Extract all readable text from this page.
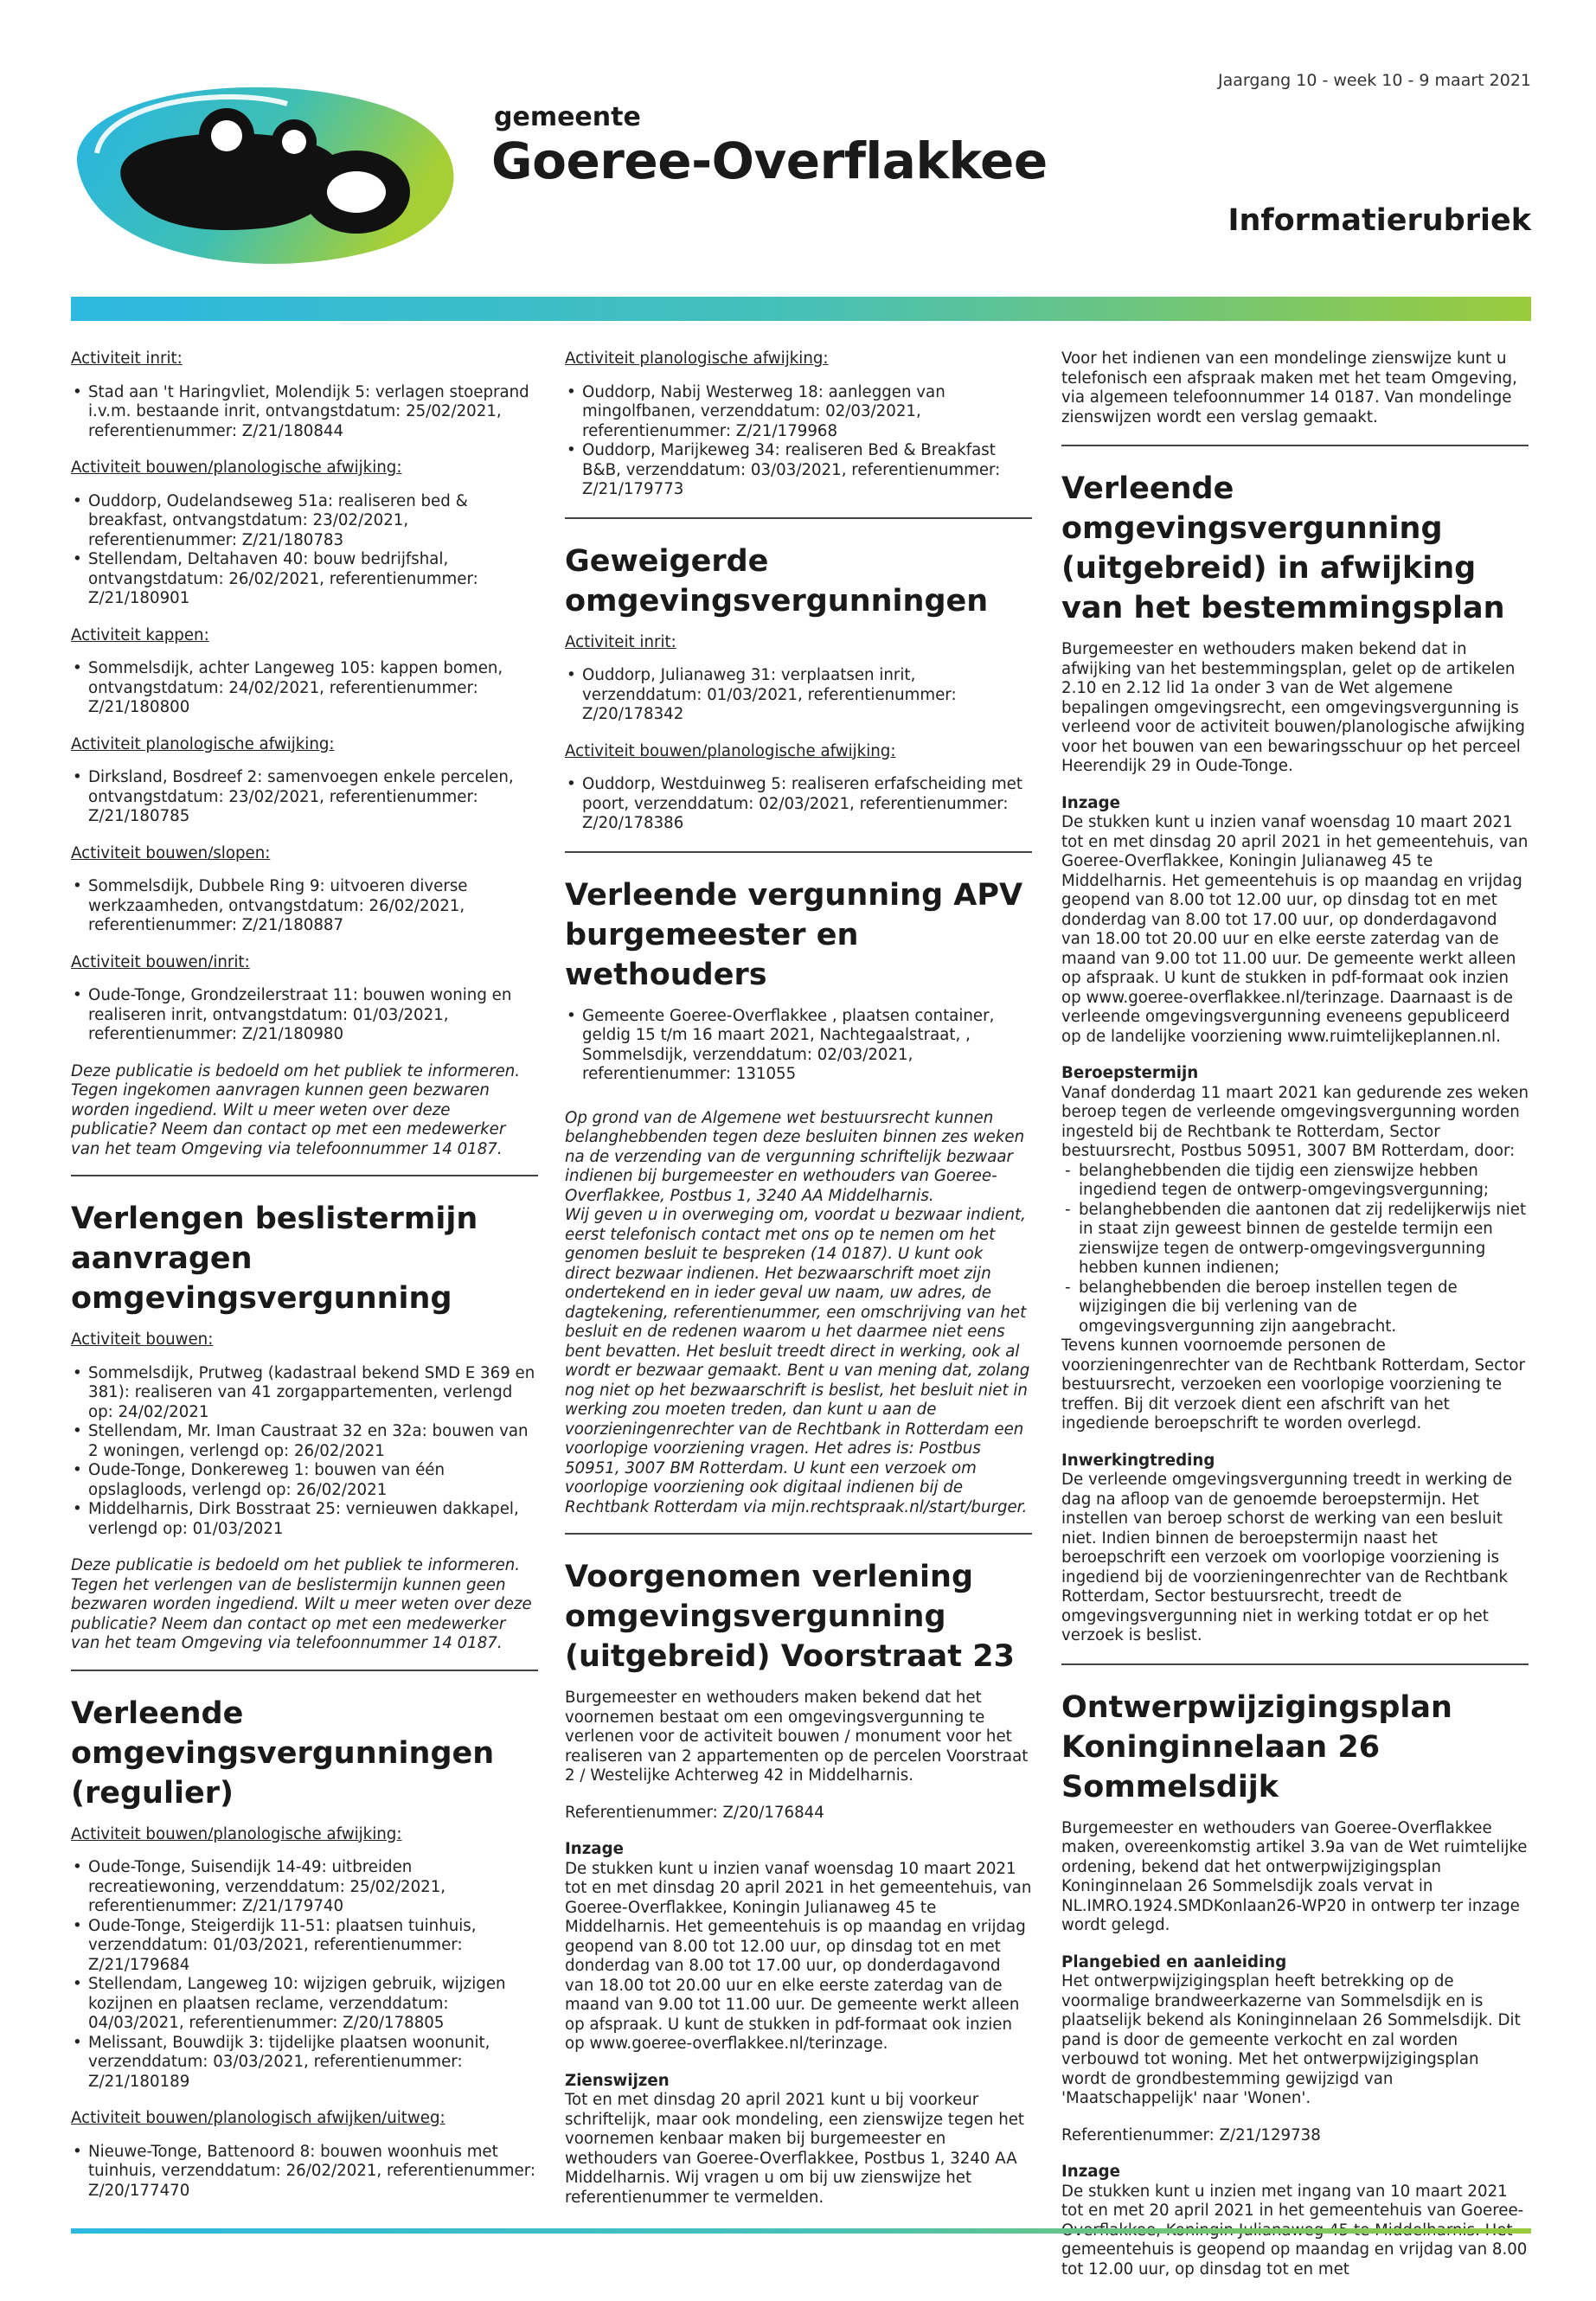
Jaargang 10 - week 10 - 9 maart 2021
gemeente
Goeree-Overflakkee
Informatierubriek
Activiteit inrit:
• Stad aan 't Haringvliet, Molendijk 5: verlagen stoeprand i.v.m. bestaande inrit, ontvangstdatum: 25/02/2021, referentienummer: Z/21/180844
Activiteit bouwen/planologische afwijking:
• Ouddorp, Oudelandseweg 51a: realiseren bed & breakfast, ontvangstdatum: 23/02/2021, referentienummer: Z/21/180783
• Stellendam, Deltahaven 40: bouw bedrijfshal, ontvangstdatum: 26/02/2021, referentienummer: Z/21/180901
Activiteit kappen:
• Sommelsdijk, achter Langeweg 105: kappen bomen, ontvangstdatum: 24/02/2021, referentienummer: Z/21/180800
Activiteit planologische afwijking:
• Dirksland, Bosdreef 2: samenvoegen enkele percelen, ontvangstdatum: 23/02/2021, referentienummer: Z/21/180785
Activiteit bouwen/slopen:
• Sommelsdijk, Dubbele Ring 9: uitvoeren diverse werkzaamheden, ontvangstdatum: 26/02/2021, referentienummer: Z/21/180887
Activiteit bouwen/inrit:
• Oude-Tonge, Grondzeilerstraat 11: bouwen woning en realiseren inrit, ontvangstdatum: 01/03/2021, referentienummer: Z/21/180980
Deze publicatie is bedoeld om het publiek te informeren. Tegen ingekomen aanvragen kunnen geen bezwaren worden ingediend. Wilt u meer weten over deze publicatie? Neem dan contact op met een medewerker van het team Omgeving via telefoonnummer 14 0187.
Verlengen beslistermijn aanvragen omgevingsvergunning
Activiteit bouwen:
• Sommelsdijk, Prutweg (kadastraal bekend SMD E 369 en 381): realiseren van 41 zorgappartementen, verlengd op: 24/02/2021
• Stellendam, Mr. Iman Caustraat 32 en 32a: bouwen van 2 woningen, verlengd op: 26/02/2021
• Oude-Tonge, Donkereweg 1: bouwen van één opslagloods, verlengd op: 26/02/2021
• Middelharnis, Dirk Bosstraat 25: vernieuwen dakkapel, verlengd op: 01/03/2021
Deze publicatie is bedoeld om het publiek te informeren. Tegen het verlengen van de beslistermijn kunnen geen bezwaren worden ingediend. Wilt u meer weten over deze publicatie? Neem dan contact op met een medewerker van het team Omgeving via telefoonnummer 14 0187.
Verleende omgevingsvergunningen (regulier)
Activiteit bouwen/planologische afwijking:
• Oude-Tonge, Suisendijk 14-49: uitbreiden recreatiewoning, verzenddatum: 25/02/2021, referentienummer: Z/21/179740
• Oude-Tonge, Steigerdijk 11-51: plaatsen tuinhuis, verzenddatum: 01/03/2021, referentienummer: Z/21/179684
• Stellendam, Langeweg 10: wijzigen gebruik, wijzigen kozijnen en plaatsen reclame, verzenddatum: 04/03/2021, referentienummer: Z/20/178805
• Melissant, Bouwdijk 3: tijdelijke plaatsen woonunit, verzenddatum: 03/03/2021, referentienummer: Z/21/180189
Activiteit bouwen/planologisch afwijken/uitweg:
• Nieuwe-Tonge, Battenoord 8: bouwen woonhuis met tuinhuis, verzenddatum: 26/02/2021, referentienummer: Z/20/177470
Activiteit planologische afwijking:
• Ouddorp, Nabij Westerweg 18: aanleggen van mingolfbanen, verzenddatum: 02/03/2021, referentienummer: Z/21/179968
• Ouddorp, Marijkeweg 34: realiseren Bed & Breakfast B&B, verzenddatum: 03/03/2021, referentienummer: Z/21/179773
Geweigerde omgevingsvergunningen
Activiteit inrit:
• Ouddorp, Julianaweg 31: verplaatsen inrit, verzenddatum: 01/03/2021, referentienummer: Z/20/178342
Activiteit bouwen/planologische afwijking:
• Ouddorp, Westduinweg 5: realiseren erfafscheiding met poort, verzenddatum: 02/03/2021, referentienummer: Z/20/178386
Verleende vergunning APV burgemeester en wethouders
• Gemeente Goeree-Overflakkee , plaatsen container, geldig 15 t/m 16 maart 2021, Nachtegaalstraat, , Sommelsdijk, verzenddatum: 02/03/2021, referentienummer: 131055
Op grond van de Algemene wet bestuursrecht kunnen belanghebbenden tegen deze besluiten binnen zes weken na de verzending van de vergunning schriftelijk bezwaar indienen bij burgemeester en wethouders van Goeree-Overflakkee, Postbus 1, 3240 AA Middelharnis.
Wij geven u in overweging om, voordat u bezwaar indient, eerst telefonisch contact met ons op te nemen om het genomen besluit te bespreken (14 0187). U kunt ook direct bezwaar indienen. Het bezwaarschrift moet zijn ondertekend en in ieder geval uw naam, uw adres, de dagtekening, referentienummer, een omschrijving van het besluit en de redenen waarom u het daarmee niet eens bent bevatten. Het besluit treedt direct in werking, ook al wordt er bezwaar gemaakt. Bent u van mening dat, zolang nog niet op het bezwaarschrift is beslist, het besluit niet in werking zou moeten treden, dan kunt u aan de voorzieningenrechter van de Rechtbank in Rotterdam een voorlopige voorziening vragen. Het adres is: Postbus 50951, 3007 BM Rotterdam. U kunt een verzoek om voorlopige voorziening ook digitaal indienen bij de Rechtbank Rotterdam via mijn.rechtspraak.nl/start/burger.
Voorgenomen verlening omgevingsvergunning (uitgebreid) Voorstraat 23
Burgemeester en wethouders maken bekend dat het voornemen bestaat om een omgevingsvergunning te verlenen voor de activiteit bouwen / monument voor het realiseren van 2 appartementen op de percelen Voorstraat 2 / Westelijke Achterweg 42 in Middelharnis.
Referentienummer: Z/20/176844
Inzage
De stukken kunt u inzien vanaf woensdag 10 maart 2021 tot en met dinsdag 20 april 2021 in het gemeentehuis, van Goeree-Overflakkee, Koningin Julianaweg 45 te Middelharnis. Het gemeentehuis is op maandag en vrijdag geopend van 8.00 tot 12.00 uur, op dinsdag tot en met donderdag van 8.00 tot 17.00 uur, op donderdagavond van 18.00 tot 20.00 uur en elke eerste zaterdag van de maand van 9.00 tot 11.00 uur. De gemeente werkt alleen op afspraak. U kunt de stukken in pdf-formaat ook inzien op www.goeree-overflakkee.nl/terinzage.
Zienswijzen
Tot en met dinsdag 20 april 2021 kunt u bij voorkeur schriftelijk, maar ook mondeling, een zienswijze tegen het voornemen kenbaar maken bij burgemeester en wethouders van Goeree-Overflakkee, Postbus 1, 3240 AA Middelharnis. Wij vragen u om bij uw zienswijze het referentienummer te vermelden.
Voor het indienen van een mondelinge zienswijze kunt u telefonisch een afspraak maken met het team Omgeving, via algemeen telefoonnummer 14 0187. Van mondelinge zienswijzen wordt een verslag gemaakt.
Verleende omgevingsvergunning (uitgebreid) in afwijking van het bestemmingsplan
Burgemeester en wethouders maken bekend dat in afwijking van het bestemmingsplan, gelet op de artikelen 2.10 en 2.12 lid 1a onder 3 van de Wet algemene bepalingen omgevingsrecht, een omgevingsvergunning is verleend voor de activiteit bouwen/planologische afwijking voor het bouwen van een bewaringsschuur op het perceel Heerendijk 29 in Oude-Tonge.
Inzage
De stukken kunt u inzien vanaf woensdag 10 maart 2021 tot en met dinsdag 20 april 2021 in het gemeentehuis, van Goeree-Overflakkee, Koningin Julianaweg 45 te Middelharnis. Het gemeentehuis is op maandag en vrijdag geopend van 8.00 tot 12.00 uur, op dinsdag tot en met donderdag van 8.00 tot 17.00 uur, op donderdagavond van 18.00 tot 20.00 uur en elke eerste zaterdag van de maand van 9.00 tot 11.00 uur. De gemeente werkt alleen op afspraak. U kunt de stukken in pdf-formaat ook inzien op www.goeree-overflakkee.nl/terinzage. Daarnaast is de verleende omgevingsvergunning eveneens gepubliceerd op de landelijke voorziening www.ruimtelijkeplannen.nl.
Beroepstermijn
Vanaf donderdag 11 maart 2021 kan gedurende zes weken beroep tegen de verleende omgevingsvergunning worden ingesteld bij de Rechtbank te Rotterdam, Sector bestuursrecht, Postbus 50951, 3007 BM Rotterdam, door:
- belanghebbenden die tijdig een zienswijze hebben ingediend tegen de ontwerp-omgevingsvergunning;
- belanghebbenden die aantonen dat zij redelijkerwijs niet in staat zijn geweest binnen de gestelde termijn een zienswijze tegen de ontwerp-omgevingsvergunning hebben kunnen indienen;
- belanghebbenden die beroep instellen tegen de wijzigingen die bij verlening van de omgevingsvergunning zijn aangebracht.
Tevens kunnen voornoemde personen de voorzieningenrechter van de Rechtbank Rotterdam, Sector bestuursrecht, verzoeken een voorlopige voorziening te treffen. Bij dit verzoek dient een afschrift van het ingediende beroepschrift te worden overlegd.
Inwerkingtreding
De verleende omgevingsvergunning treedt in werking de dag na afloop van de genoemde beroepstermijn. Het instellen van beroep schorst de werking van een besluit niet. Indien binnen de beroepstermijn naast het beroepschrift een verzoek om voorlopige voorziening is ingediend bij de voorzieningenrechter van de Rechtbank Rotterdam, Sector bestuursrecht, treedt de omgevingsvergunning niet in werking totdat er op het verzoek is beslist.
Ontwerpwijzigingsplan Koninginnelaan 26 Sommelsdijk
Burgemeester en wethouders van Goeree-Overflakkee maken, overeenkomstig artikel 3.9a van de Wet ruimtelijke ordening, bekend dat het ontwerpwijzigingsplan Koninginnelaan 26 Sommelsdijk zoals vervat in NL.IMRO.1924.SMDKonlaan26-WP20 in ontwerp ter inzage wordt gelegd.
Plangebied en aanleiding
Het ontwerpwijzigingsplan heeft betrekking op de voormalige brandweerkazerne van Sommelsdijk en is plaatselijk bekend als Koninginnelaan 26 Sommelsdijk. Dit pand is door de gemeente verkocht en zal worden verbouwd tot woning. Met het ontwerpwijzigingsplan wordt de grondbestemming gewijzigd van 'Maatschappelijk' naar 'Wonen'.
Referentienummer: Z/21/129738
Inzage
De stukken kunt u inzien met ingang van 10 maart 2021 tot en met 20 april 2021 in het gemeentehuis van Goeree- gemeentehuis is geopend op maandag en vrijdag van 8.00 tot 12.00 uur, op dinsdag tot en met
